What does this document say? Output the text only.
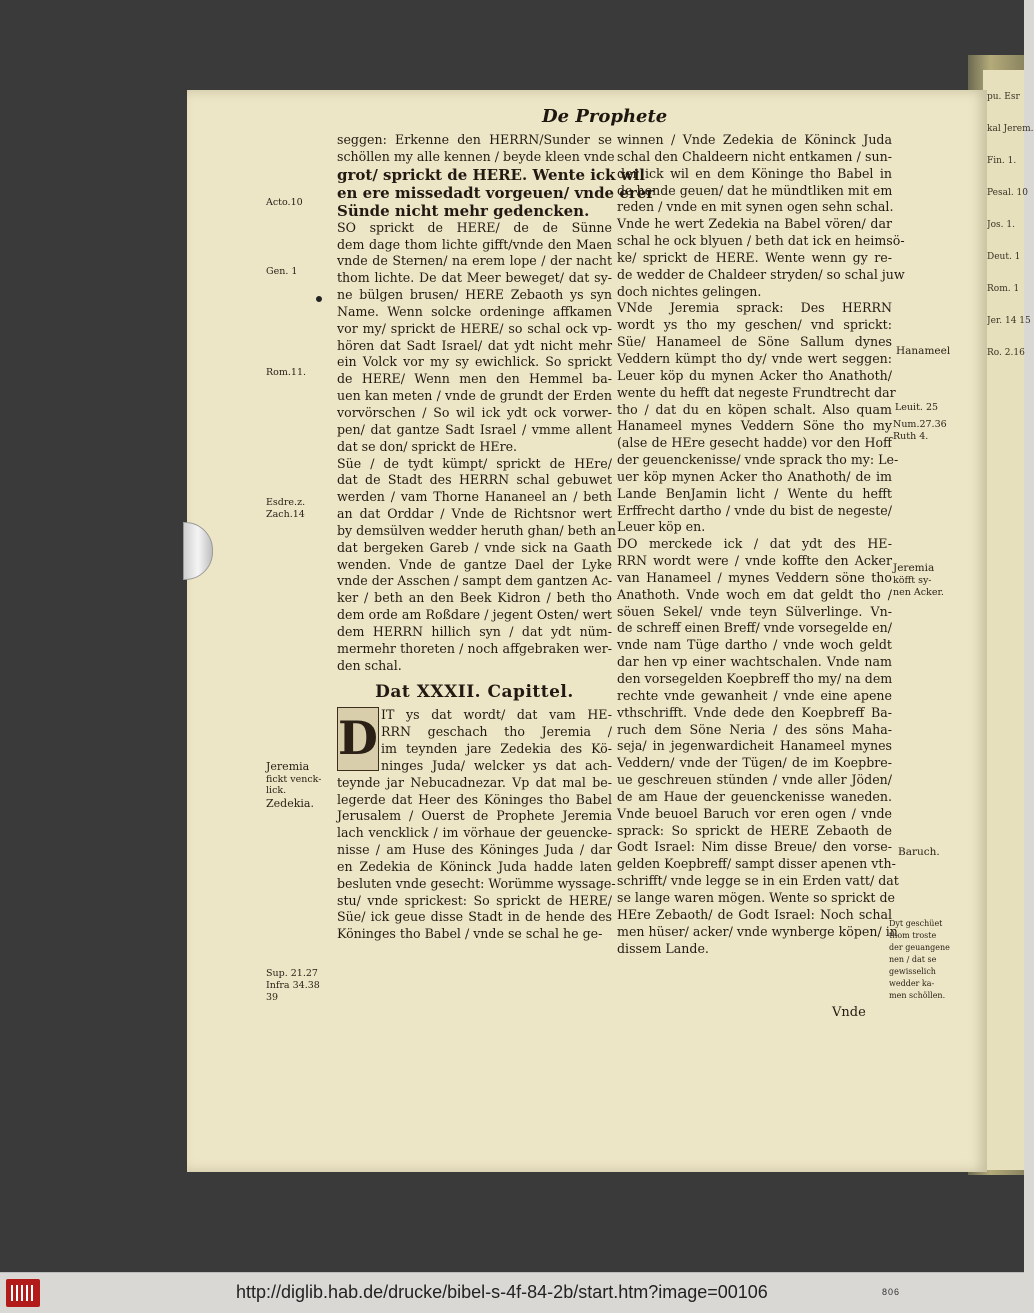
pu. Esr
kal Jerem.
Fin. 1.
Pesal. 10
Jos. 1.
Deut. 1
Rom. 1
Jer. 14 15
Ro. 2.16
De Prophete
seggen: Erkenne den HERRN/Sunder se
schöllen my alle kennen / beyde kleen vnde
grot/ sprickt de HERE. Wente ick wil
en ere missedadt vorgeuen/ vnde erer
Sünde nicht mehr gedencken.
SO sprickt de HERE/ de de Sünne
dem dage thom lichte gifft/vnde den Maen
vnde de Sternen/ na erem lope / der nacht
thom lichte. De dat Meer beweget/ dat sy-
ne bülgen brusen/ HERE Zebaoth ys syn
Name. Wenn solcke ordeninge affkamen
vor my/ sprickt de HERE/ so schal ock vp-
hören dat Sadt Israel/ dat ydt nicht mehr
ein Volck vor my sy ewichlick. So sprickt
de HERE/ Wenn men den Hemmel ba-
uen kan meten / vnde de grundt der Erden
vorvörschen / So wil ick ydt ock vorwer-
pen/ dat gantze Sadt Israel / vmme allent
dat se don/ sprickt de HEre.
Süe / de tydt kümpt/ sprickt de HEre/
dat de Stadt des HERRN schal gebuwet
werden / vam Thorne Hananeel an / beth
an dat Orddar / Vnde de Richtsnor wert
by demsülven wedder heruth ghan/ beth an
dat bergeken Gareb / vnde sick na Gaath
wenden. Vnde de gantze Dael der Lyke
vnde der Asschen / sampt dem gantzen Ac-
ker / beth an den Beek Kidron / beth tho
dem orde am Roßdare / jegent Osten/ wert
dem HERRN hillich syn / dat ydt nüm-
mermehr thoreten / noch affgebraken wer-
den schal.
Dat XXXII. Capittel.
D IT ys dat wordt/ dat vam HE-
RRN geschach tho Jeremia /
im teynden jare Zedekia des Kö-
ninges Juda/ welcker ys dat ach-
teynde jar Nebucadnezar. Vp dat mal be-
legerde dat Heer des Köninges tho Babel
Jerusalem / Ouerst de Prophete Jeremia
lach vencklick / im vörhaue der geuencke-
nisse / am Huse des Köninges Juda / dar
en Zedekia de Köninck Juda hadde laten
besluten vnde gesecht: Worümme wyssage-
stu/ vnde sprickest: So sprickt de HERE/
Süe/ ick geue disse Stadt in de hende des
Köninges tho Babel / vnde se schal he ge-
winnen / Vnde Zedekia de Köninck Juda
schal den Chaldeern nicht entkamen / sun-
der ick wil en dem Köninge tho Babel in
de hende geuen/ dat he mündtliken mit em
reden / vnde en mit synen ogen sehn schal.
Vnde he wert Zedekia na Babel vören/ dar
schal he ock blyuen / beth dat ick en heimsö-
ke/ sprickt de HERE. Wente wenn gy re-
de wedder de Chaldeer stryden/ so schal juw
doch nichtes gelingen.
VNde Jeremia sprack: Des HERRN
wordt ys tho my geschen/ vnd sprickt:
Süe/ Hanameel de Söne Sallum dynes
Veddern kümpt tho dy/ vnde wert seggen:
Leuer köp du mynen Acker tho Anathoth/
wente du hefft dat negeste Frundtrecht dar
tho / dat du en köpen schalt. Also quam
Hanameel mynes Veddern Söne tho my
(alse de HEre gesecht hadde) vor den Hoff
der geuenckenisse/ vnde sprack tho my: Le-
uer köp mynen Acker tho Anathoth/ de im
Lande BenJamin licht / Wente du hefft
Erffrecht dartho / vnde du bist de negeste/
Leuer köp en.
DO merckede ick / dat ydt des HE-
RRN wordt were / vnde koffte den Acker
van Hanameel / mynes Veddern söne tho
Anathoth. Vnde woch em dat geldt tho /
söuen Sekel/ vnde teyn Sülverlinge. Vn-
de schreff einen Breff/ vnde vorsegelde en/
vnde nam Tüge dartho / vnde woch geldt
dar hen vp einer wachtschalen. Vnde nam
den vorsegelden Koepbreff tho my/ na dem
rechte vnde gewanheit / vnde eine apene
vthschrifft. Vnde dede den Koepbreff Ba-
ruch dem Söne Neria / des söns Maha-
seja/ in jegenwardicheit Hanameel mynes
Veddern/ vnde der Tügen/ de im Koepbre-
ue geschreuen stünden / vnde aller Jöden/
de am Haue der geuenckenisse waneden.
Vnde beuoel Baruch vor eren ogen / vnde
sprack: So sprickt de HERE Zebaoth de
Godt Israel: Nim disse Breue/ den vorse-
gelden Koepbreff/ sampt disser apenen vth-
schrifft/ vnde legge se in ein Erden vatt/ dat
se lange waren mögen. Wente so sprickt de
HEre Zebaoth/ de Godt Israel: Noch schal
men hüser/ acker/ vnde wynberge köpen/ in
dissem Lande.
Acto.10
Gen. 1
Rom.11.
Esdre.z.
Zach.14
Jeremia
fickt venck-
lick.
Zedekia.
Sup. 21.27
Infra 34.38
39
Hanameel
Leuit. 25
Num.27.36
Ruth 4.
Jeremia
köfft sy-
nen Acker.
Baruch.
Dyt geschüet
thom troste
der geuangene
nen / dat se
gewisselich
wedder ka-
men schöllen.
Vnde
http://diglib.hab.de/drucke/bibel-s-4f-84-2b/start.htm?image=00106	806
